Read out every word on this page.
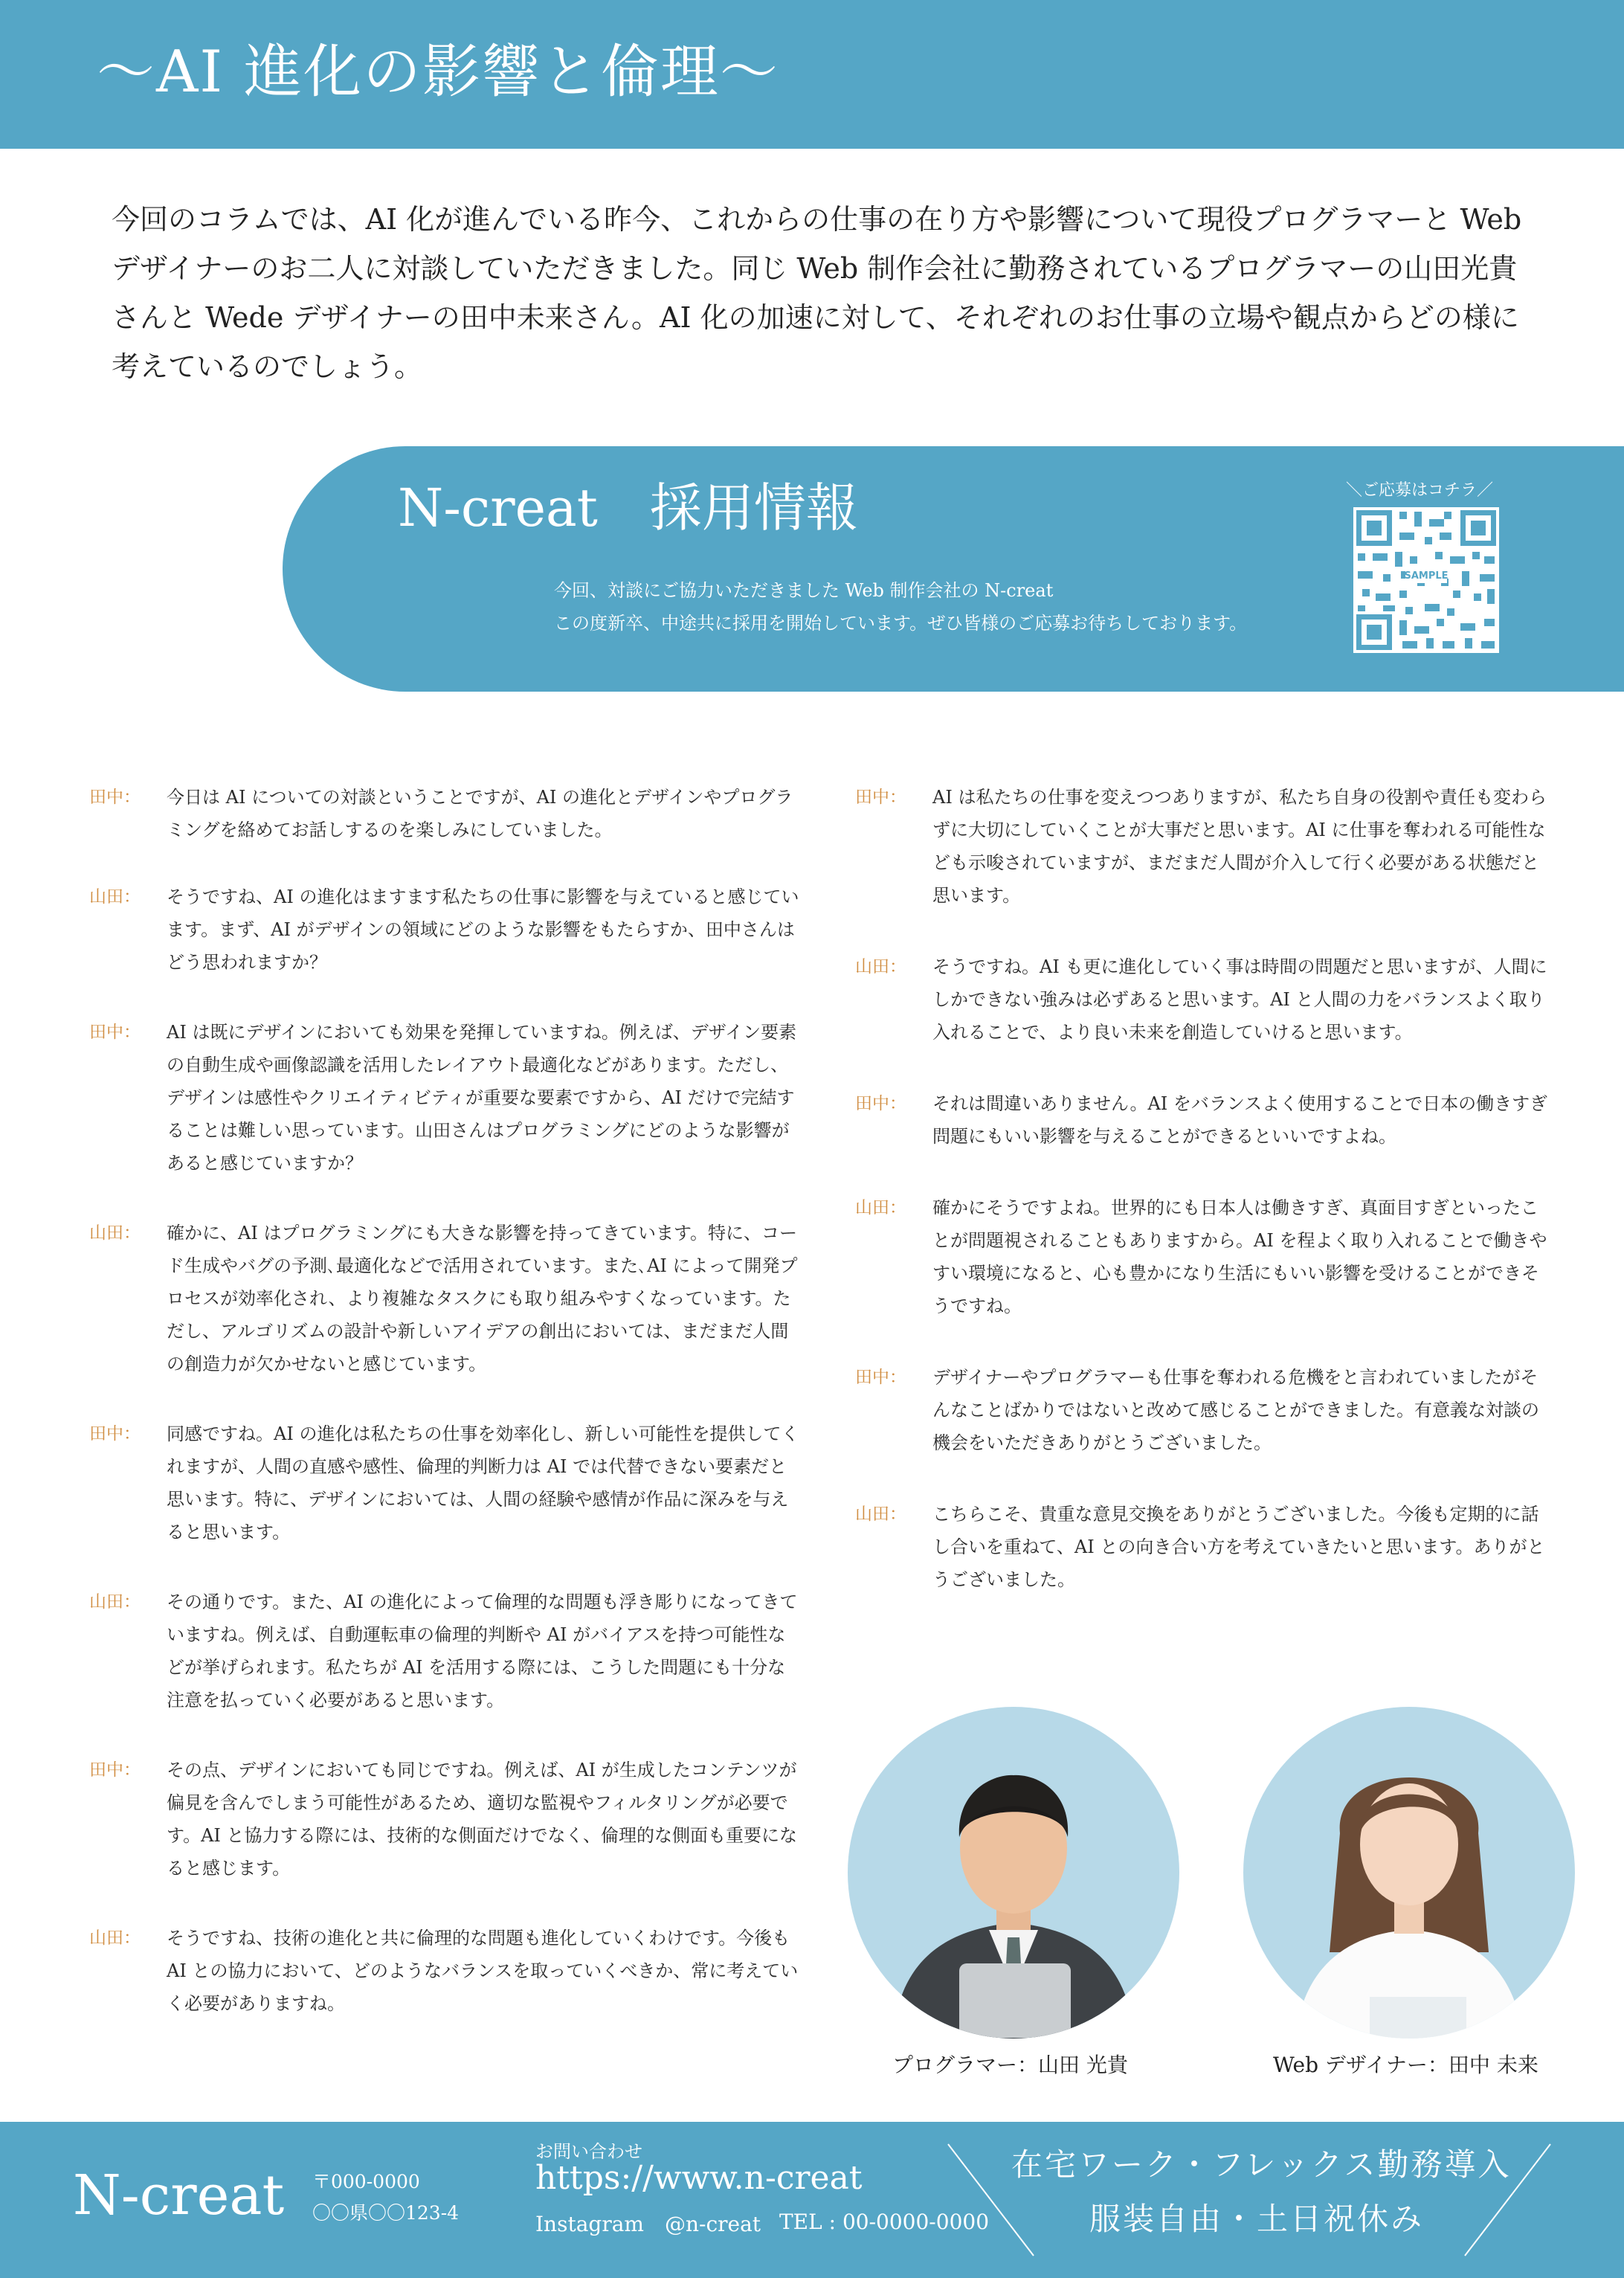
〜AI 進化の影響と倫理〜

今回のコラムでは、AI 化が進んでいる昨今、これからの仕事の在り方や影響について現役プログラマーと Web デザイナーのお二人に対談していただきました。同じ Web 制作会社に勤務されているプログラマーの山田光貴さんと Wede デザイナーの田中未来さん。AI 化の加速に対して、それぞれのお仕事の立場や観点からどの様に考えているのでしょう。

N-creat　採用情報
今回、対談にご協力いただきました Web 制作会社の N-creat
この度新卒、中途共に採用を開始しています。ぜひ皆様のご応募お待ちしております。
＼ご応募はコチラ／
SAMPLE
田中： 今日は AI についての対談ということですが、AI の進化とデザインやプログラミングを絡めてお話しするのを楽しみにしていました。

山田： そうですね、AI の進化はますます私たちの仕事に影響を与えていると感じています。まず、AI がデザインの領域にどのような影響をもたらすか、田中さんはどう思われますか？

田中： AI は既にデザインにおいても効果を発揮していますね。例えば、デザイン要素の自動生成や画像認識を活用したレイアウト最適化などがあります。ただし、デザインは感性やクリエイティビティが重要な要素ですから、AI だけで完結することは難しい思っています。山田さんはプログラミングにどのような影響があると感じていますか？

山田： 確かに、AI はプログラミングにも大きな影響を持ってきています。特に、コード生成やバグの予測､最適化などで活用されています。また､AI によって開発プロセスが効率化され、より複雑なタスクにも取り組みやすくなっています。ただし、アルゴリズムの設計や新しいアイデアの創出においては、まだまだ人間の創造力が欠かせないと感じています。

田中： 同感ですね。AI の進化は私たちの仕事を効率化し、新しい可能性を提供してくれますが、人間の直感や感性、倫理的判断力は AI では代替できない要素だと思います。特に、デザインにおいては、人間の経験や感情が作品に深みを与えると思います。

山田： その通りです。また、AI の進化によって倫理的な問題も浮き彫りになってきていますね。例えば、自動運転車の倫理的判断や AI がバイアスを持つ可能性などが挙げられます。私たちが AI を活用する際には、こうした問題にも十分な注意を払っていく必要があると思います。

田中： その点、デザインにおいても同じですね。例えば、AI が生成したコンテンツが偏見を含んでしまう可能性があるため、適切な監視やフィルタリングが必要です。AI と協力する際には、技術的な側面だけでなく、倫理的な側面も重要になると感じます。

山田： そうですね、技術の進化と共に倫理的な問題も進化していくわけです。今後も AI との協力において、どのようなバランスを取っていくべきか、常に考えていく必要がありますね。

田中： AI は私たちの仕事を変えつつありますが、私たち自身の役割や責任も変わらずに大切にしていくことが大事だと思います。AI に仕事を奪われる可能性なども示唆されていますが、まだまだ人間が介入して行く必要がある状態だと思います。

山田： そうですね。AI も更に進化していく事は時間の問題だと思いますが、人間にしかできない強みは必ずあると思います。AI と人間の力をバランスよく取り入れることで、より良い未来を創造していけると思います。

田中： それは間違いありません。AI をバランスよく使用することで日本の働きすぎ問題にもいい影響を与えることができるといいですよね。

山田： 確かにそうですよね。世界的にも日本人は働きすぎ、真面目すぎといったことが問題視されることもありますから。AI を程よく取り入れることで働きやすい環境になると、心も豊かになり生活にもいい影響を受けることができそうですね。

田中： デザイナーやプログラマーも仕事を奪われる危機をと言われていましたがそんなことばかりではないと改めて感じることができました。有意義な対談の機会をいただきありがとうございました。

山田： こちらこそ、貴重な意見交換をありがとうございました。今後も定期的に話し合いを重ねて、AI との向き合い方を考えていきたいと思います。ありがとうございました。

プログラマー：山田 光貴	Web デザイナー：田中 未来
N-creat 〒000-0000
〇〇県〇〇123-4
お問い合わせ
https://www.n-creat
Instagram　@n-creat TEL : 00-0000-0000
在宅ワーク・フレックス勤務導入
服装自由・土日祝休み
